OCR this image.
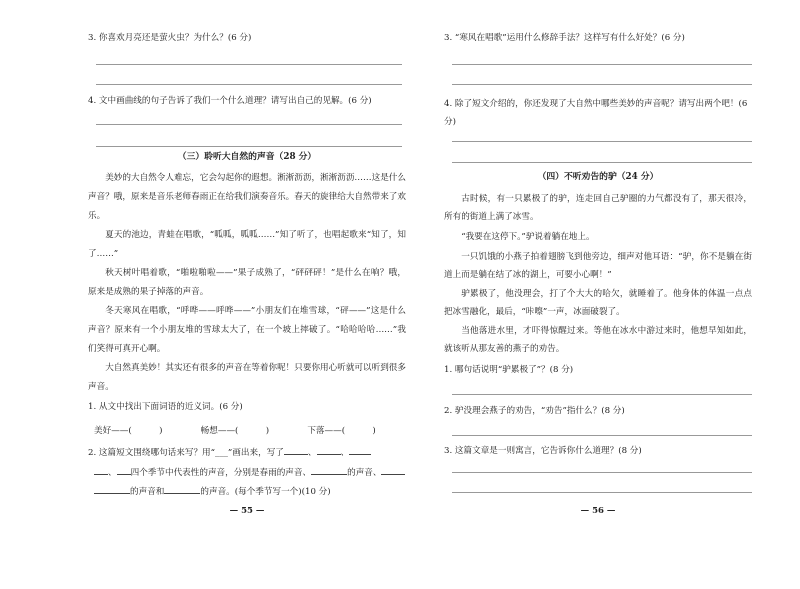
3. 你喜欢月亮还是萤火虫？为什么？(6 分)
4. 文中画曲线的句子告诉了我们一个什么道理？请写出自己的见解。(6 分)
（三）聆听大自然的声音（28 分）
美妙的大自然令人难忘，它会勾起你的遐想。淅淅沥沥，淅淅沥沥……这是什么声音？哦，原来是音乐老师春雨正在给我们演奏音乐。春天的旋律给大自然带来了欢乐。
夏天的池边，青蛙在唱歌，“呱呱，呱呱……”知了听了，也唱起歌来“知了，知了……”
秋天树叶唱着歌，“啪啦啪啦——”果子成熟了，“砰砰砰！”是什么在响？哦，原来是成熟的果子掉落的声音。
冬天寒风在唱歌，“呼哗——呼哗——”小朋友们在堆雪球，“砰——”这是什么声音？原来有一个小朋友堆的雪球太大了，在一个坡上摔破了。“哈哈哈哈……”我们笑得可真开心啊。
大自然真美妙！其实还有很多的声音在等着你呢！只要你用心听就可以听到很多声音。
1. 从文中找出下面词语的近义词。(6 分)
美好——(	)	畅想——(	)	下落——(	)
2. 这篇短文围绕哪句话来写？用“___”画出来，写了	、	、
、 四个季节中代表性的声音，分别是春雨的声音、	的声音、
的声音和	的声音。(每个季节写一个)(10 分)
— 55 —
3. “寒风在唱歌”运用什么修辞手法？这样写有什么好处？(6 分)
4. 除了短文介绍的，你还发现了大自然中哪些美妙的声音呢？请写出两个吧！(6 分)
（四）不听劝告的驴（24 分）
古时候，有一只累极了的驴，连走回自己驴圈的力气都没有了，那天很冷，所有的街道上满了冰雪。
“我要在这停下。”驴说着躺在地上。
一只饥饿的小燕子拍着翅膀飞到他旁边，细声对他耳语：“驴，你不是躺在街道上而是躺在结了冰的湖上，可要小心啊！”
驴累极了，他没理会，打了个大大的哈欠，就睡着了。他身体的体温一点点把冰雪融化，最后，“咔嚓”一声，冰面破裂了。
当他落进水里，才吓得惊醒过来。等他在冰水中游过来时，他想早知如此，就该听从那友善的燕子的劝告。
1. 哪句话说明“驴累极了”？(8 分)
2. 驴没理会燕子的劝告，“劝告”指什么？(8 分)
3. 这篇文章是一则寓言，它告诉你什么道理？(8 分)
— 56 —
